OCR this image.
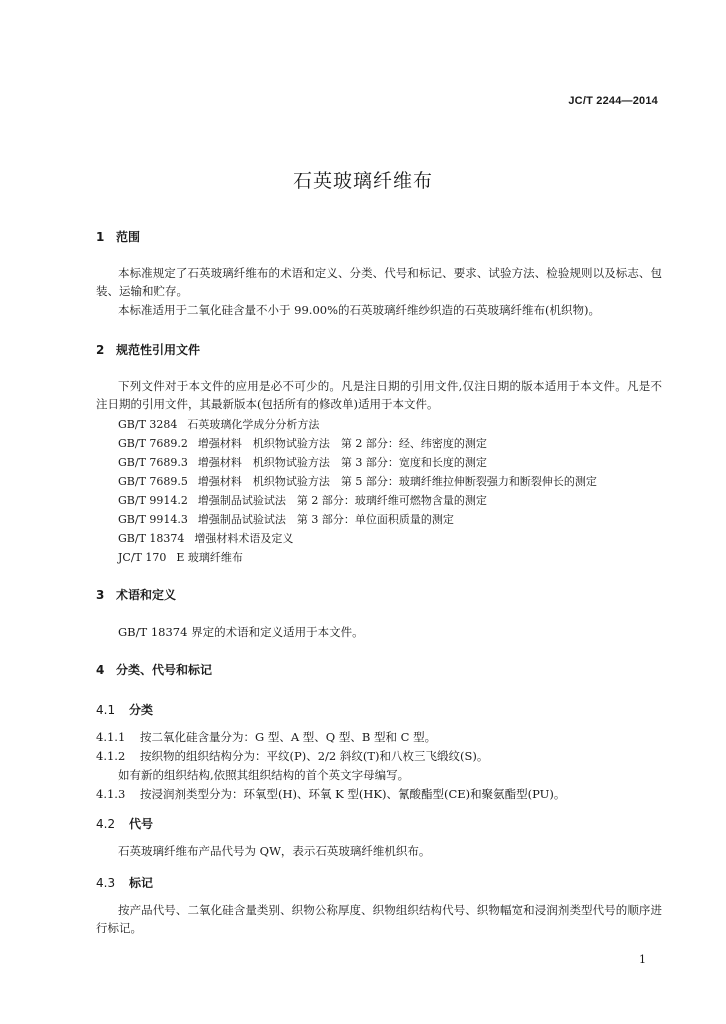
JC/T 2244—2014
石英玻璃纤维布
1 范围
本标准规定了石英玻璃纤维布的术语和定义、分类、代号和标记、要求、试验方法、检验规则以及标志、包装、运输和贮存。
本标准适用于二氧化硅含量不小于 99.00%的石英玻璃纤维纱织造的石英玻璃纤维布(机织物)。
2 规范性引用文件
下列文件对于本文件的应用是必不可少的。凡是注日期的引用文件,仅注日期的版本适用于本文件。凡是不注日期的引用文件，其最新版本(包括所有的修改单)适用于本文件。
GB/T 3284 石英玻璃化学成分分析方法
GB/T 7689.2 增强材料　机织物试验方法　第 2 部分：经、纬密度的测定
GB/T 7689.3 增强材料　机织物试验方法　第 3 部分：宽度和长度的测定
GB/T 7689.5 增强材料　机织物试验方法　第 5 部分：玻璃纤维拉伸断裂强力和断裂伸长的测定
GB/T 9914.2 增强制品试验试法　第 2 部分：玻璃纤维可燃物含量的测定
GB/T 9914.3 增强制品试验试法　第 3 部分：单位面积质量的测定
GB/T 18374 增强材料术语及定义
JC/T 170 E 玻璃纤维布
3 术语和定义
GB/T 18374 界定的术语和定义适用于本文件。
4 分类、代号和标记
4.1 分类
4.1.1 按二氧化硅含量分为：G 型、A 型、Q 型、B 型和 C 型。
4.1.2 按织物的组织结构分为：平纹(P)、2/2 斜纹(T)和八枚三飞缎纹(S)。
如有新的组织结构,依照其组织结构的首个英文字母编写。
4.1.3 按浸润剂类型分为：环氧型(H)、环氧 K 型(HK)、氰酸酯型(CE)和聚氨酯型(PU)。
4.2 代号
石英玻璃纤维布产品代号为 QW，表示石英玻璃纤维机织布。
4.3 标记
按产品代号、二氧化硅含量类别、织物公称厚度、织物组织结构代号、织物幅宽和浸润剂类型代号的顺序进行标记。
1
